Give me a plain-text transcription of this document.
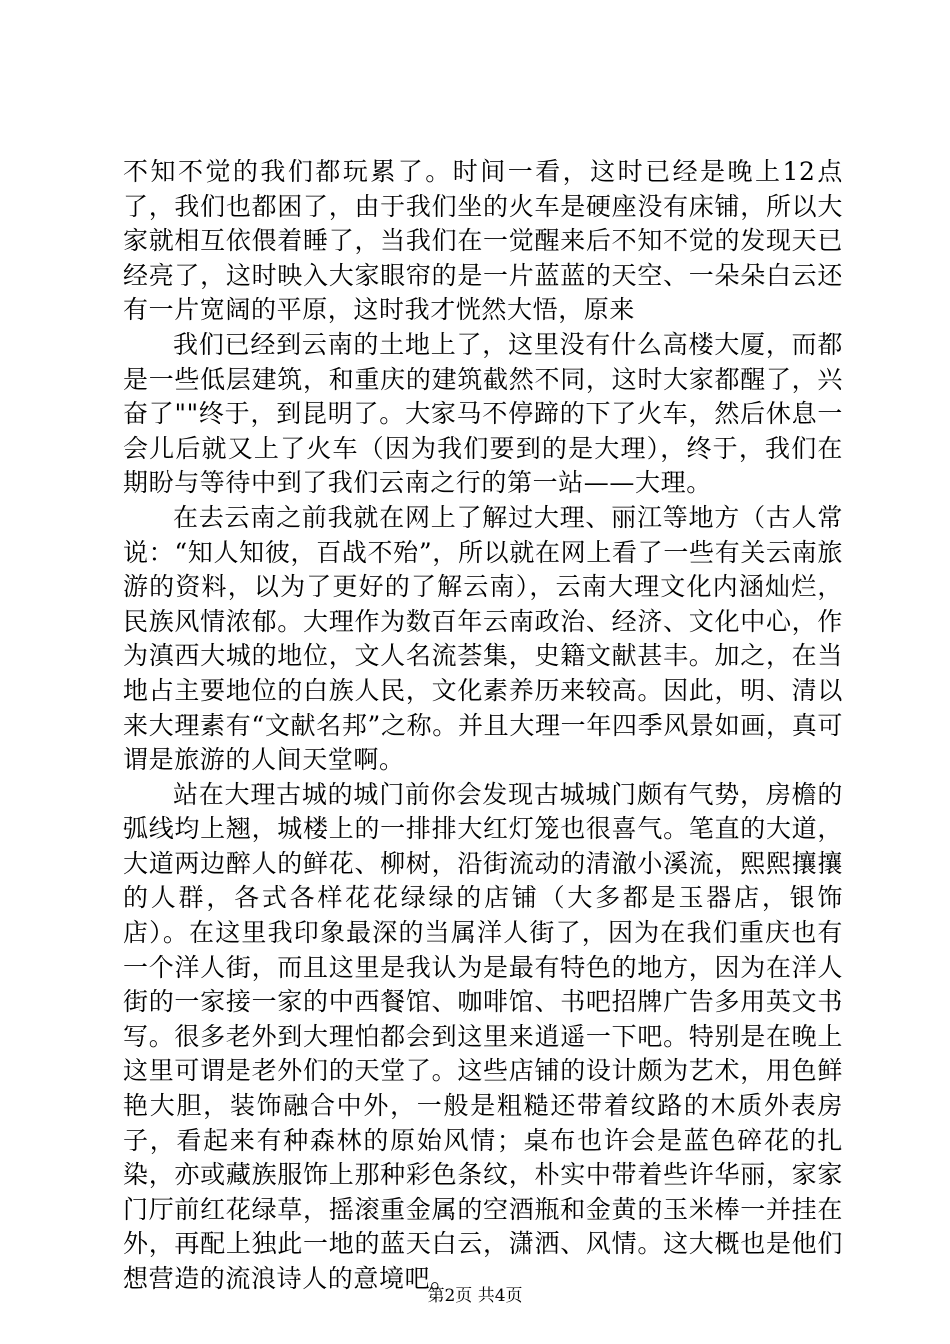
不知不觉的我们都玩累了。时间一看，这时已经是晚上12点了，我们也都困了，由于我们坐的火车是硬座没有床铺，所以大家就相互依偎着睡了，当我们在一觉醒来后不知不觉的发现天已经亮了，这时映入大家眼帘的是一片蓝蓝的天空、一朵朵白云还有一片宽阔的平原，这时我才恍然大悟，原来

我们已经到云南的土地上了，这里没有什么高楼大厦，而都是一些低层建筑，和重庆的建筑截然不同，这时大家都醒了，兴奋了""终于，到昆明了。大家马不停蹄的下了火车，然后休息一会儿后就又上了火车（因为我们要到的是大理），终于，我们在期盼与等待中到了我们云南之行的第一站——大理。

在去云南之前我就在网上了解过大理、丽江等地方（古人常说：“知人知彼，百战不殆”，所以就在网上看了一些有关云南旅游的资料，以为了更好的了解云南），云南大理文化内涵灿烂，民族风情浓郁。大理作为数百年云南政治、经济、文化中心，作为滇西大城的地位，文人名流荟集，史籍文献甚丰。加之，在当地占主要地位的白族人民，文化素养历来较高。因此，明、清以来大理素有“文献名邦”之称。并且大理一年四季风景如画，真可谓是旅游的人间天堂啊。

站在大理古城的城门前你会发现古城城门颇有气势，房檐的弧线均上翘，城楼上的一排排大红灯笼也很喜气。笔直的大道，大道两边醉人的鲜花、柳树，沿街流动的清澈小溪流，熙熙攘攘的人群，各式各样花花绿绿的店铺（大多都是玉器店，银饰店）。在这里我印象最深的当属洋人街了，因为在我们重庆也有一个洋人街，而且这里是我认为是最有特色的地方，因为在洋人街的一家接一家的中西餐馆、咖啡馆、书吧招牌广告多用英文书写。很多老外到大理怕都会到这里来逍遥一下吧。特别是在晚上这里可谓是老外们的天堂了。这些店铺的设计颇为艺术，用色鲜艳大胆，装饰融合中外，一般是粗糙还带着纹路的木质外表房子，看起来有种森林的原始风情；桌布也许会是蓝色碎花的扎染，亦或藏族服饰上那种彩色条纹，朴实中带着些许华丽，家家门厅前红花绿草，摇滚重金属的空酒瓶和金黄的玉米棒一并挂在外，再配上独此一地的蓝天白云，潇洒、风情。这大概也是他们想营造的流浪诗人的意境吧。

第2页 共4页
